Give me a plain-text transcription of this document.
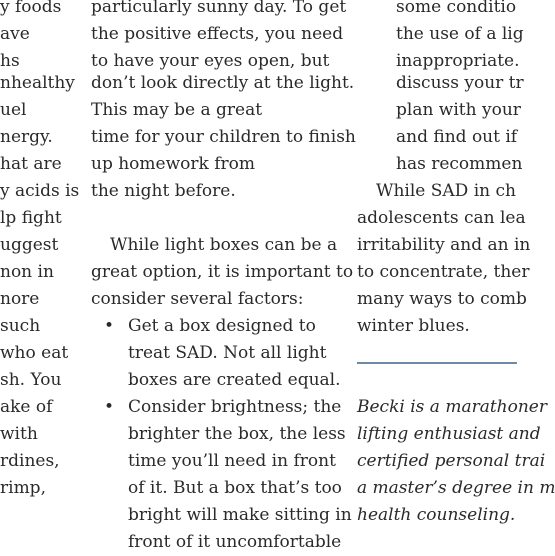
y foods
ave
hs
nhealthy
uel
nergy.
hat are
y acids is
lp fight
uggest
non in
nore
such
who eat
sh. You
ake of
with
rdines,
rimp,
particularly sunny day. To get
the positive effects, you need
to have your eyes open, but
don’t look directly at the light.
This may be a great
time for your children to finish
up homework from
the night before.
While light boxes can be a
great option, it is important to
consider several factors:
• Get a box designed to
treat SAD. Not all light
boxes are created equal.
• Consider brightness; the
brighter the box, the less
time you’ll need in front
of it. But a box that’s too
bright will make sitting in
front of it uncomfortable
some conditio
the use of a lig
inappropriate.
discuss your tr
plan with your
and find out if
has recommen
While SAD in ch
adolescents can lea
irritability and an in
to concentrate, ther
many ways to comb
winter blues.
Becki is a marathoner
lifting enthusiast and
certified personal trai
a master’s degree in m
health counseling.
